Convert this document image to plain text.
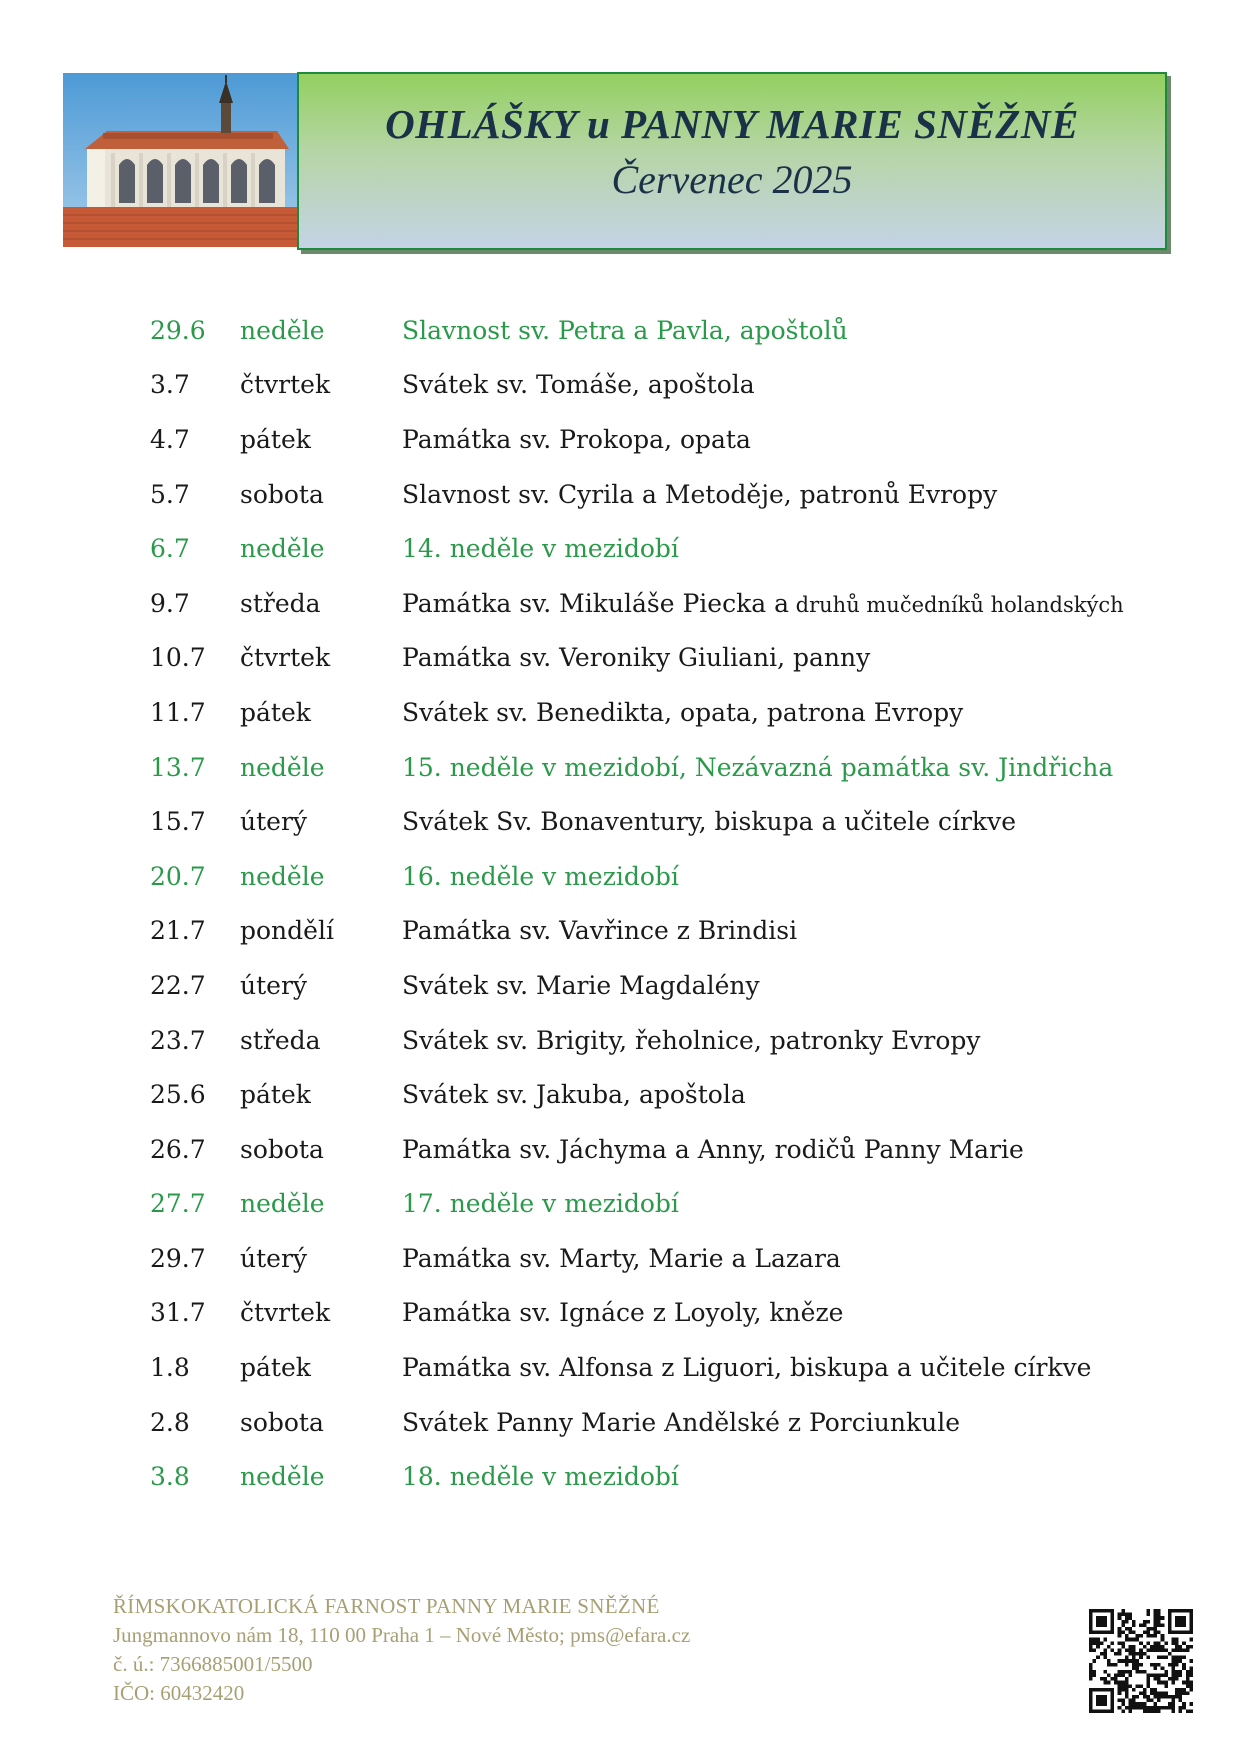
OHLÁŠKY u PANNY MARIE SNĚŽNÉ
Červenec 2025
29.6	neděle	Slavnost sv. Petra a Pavla, apoštolů
3.7	čtvrtek	Svátek sv. Tomáše, apoštola
4.7	pátek	Památka sv. Prokopa, opata
5.7	sobota	Slavnost sv. Cyrila a Metoděje, patronů Evropy
6.7	neděle	14. neděle v mezidobí
9.7	středa	Památka sv. Mikuláše Piecka a druhů mučedníků holandských
10.7	čtvrtek	Památka sv. Veroniky Giuliani, panny
11.7	pátek	Svátek sv. Benedikta, opata, patrona Evropy
13.7	neděle	15. neděle v mezidobí, Nezávazná památka sv. Jindřicha
15.7	úterý	Svátek Sv. Bonaventury, biskupa a učitele církve
20.7	neděle	16. neděle v mezidobí
21.7	pondělí	Památka sv. Vavřince z Brindisi
22.7	úterý	Svátek sv. Marie Magdalény
23.7	středa	Svátek sv. Brigity, řeholnice, patronky Evropy
25.6	pátek	Svátek sv. Jakuba, apoštola
26.7	sobota	Památka sv. Jáchyma a Anny, rodičů Panny Marie
27.7	neděle	17. neděle v mezidobí
29.7	úterý	Památka sv. Marty, Marie a Lazara
31.7	čtvrtek	Památka sv. Ignáce z Loyoly, kněze
1.8	pátek	Památka sv. Alfonsa z Liguori, biskupa a učitele církve
2.8	sobota	Svátek Panny Marie Andělské z Porciunkule
3.8	neděle	18. neděle v mezidobí
ŘÍMSKOKATOLICKÁ FARNOST PANNY MARIE SNĚŽNÉ
Jungmannovo nám 18, 110 00 Praha 1 – Nové Město; pms@efara.cz
č. ú.: 7366885001/5500
IČO: 60432420
